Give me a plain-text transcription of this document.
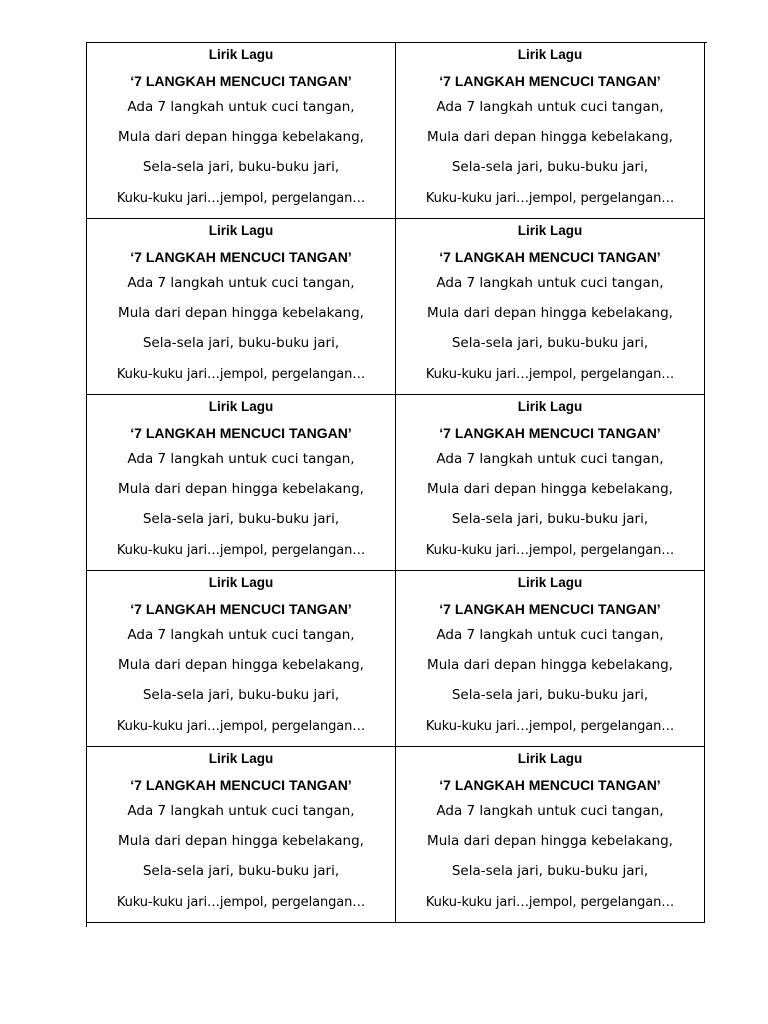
Lirik Lagu
‘7 LANGKAH MENCUCI TANGAN’
Ada 7 langkah untuk cuci tangan,
Mula dari depan hingga kebelakang,
Sela-sela jari, buku-buku jari,
Kuku-kuku jari…jempol, pergelangan…
Lirik Lagu
‘7 LANGKAH MENCUCI TANGAN’
Ada 7 langkah untuk cuci tangan,
Mula dari depan hingga kebelakang,
Sela-sela jari, buku-buku jari,
Kuku-kuku jari…jempol, pergelangan…
Lirik Lagu
‘7 LANGKAH MENCUCI TANGAN’
Ada 7 langkah untuk cuci tangan,
Mula dari depan hingga kebelakang,
Sela-sela jari, buku-buku jari,
Kuku-kuku jari…jempol, pergelangan…
Lirik Lagu
‘7 LANGKAH MENCUCI TANGAN’
Ada 7 langkah untuk cuci tangan,
Mula dari depan hingga kebelakang,
Sela-sela jari, buku-buku jari,
Kuku-kuku jari…jempol, pergelangan…
Lirik Lagu
‘7 LANGKAH MENCUCI TANGAN’
Ada 7 langkah untuk cuci tangan,
Mula dari depan hingga kebelakang,
Sela-sela jari, buku-buku jari,
Kuku-kuku jari…jempol, pergelangan…
Lirik Lagu
‘7 LANGKAH MENCUCI TANGAN’
Ada 7 langkah untuk cuci tangan,
Mula dari depan hingga kebelakang,
Sela-sela jari, buku-buku jari,
Kuku-kuku jari…jempol, pergelangan…
Lirik Lagu
‘7 LANGKAH MENCUCI TANGAN’
Ada 7 langkah untuk cuci tangan,
Mula dari depan hingga kebelakang,
Sela-sela jari, buku-buku jari,
Kuku-kuku jari…jempol, pergelangan…
Lirik Lagu
‘7 LANGKAH MENCUCI TANGAN’
Ada 7 langkah untuk cuci tangan,
Mula dari depan hingga kebelakang,
Sela-sela jari, buku-buku jari,
Kuku-kuku jari…jempol, pergelangan…
Lirik Lagu
‘7 LANGKAH MENCUCI TANGAN’
Ada 7 langkah untuk cuci tangan,
Mula dari depan hingga kebelakang,
Sela-sela jari, buku-buku jari,
Kuku-kuku jari…jempol, pergelangan…
Lirik Lagu
‘7 LANGKAH MENCUCI TANGAN’
Ada 7 langkah untuk cuci tangan,
Mula dari depan hingga kebelakang,
Sela-sela jari, buku-buku jari,
Kuku-kuku jari…jempol, pergelangan…
